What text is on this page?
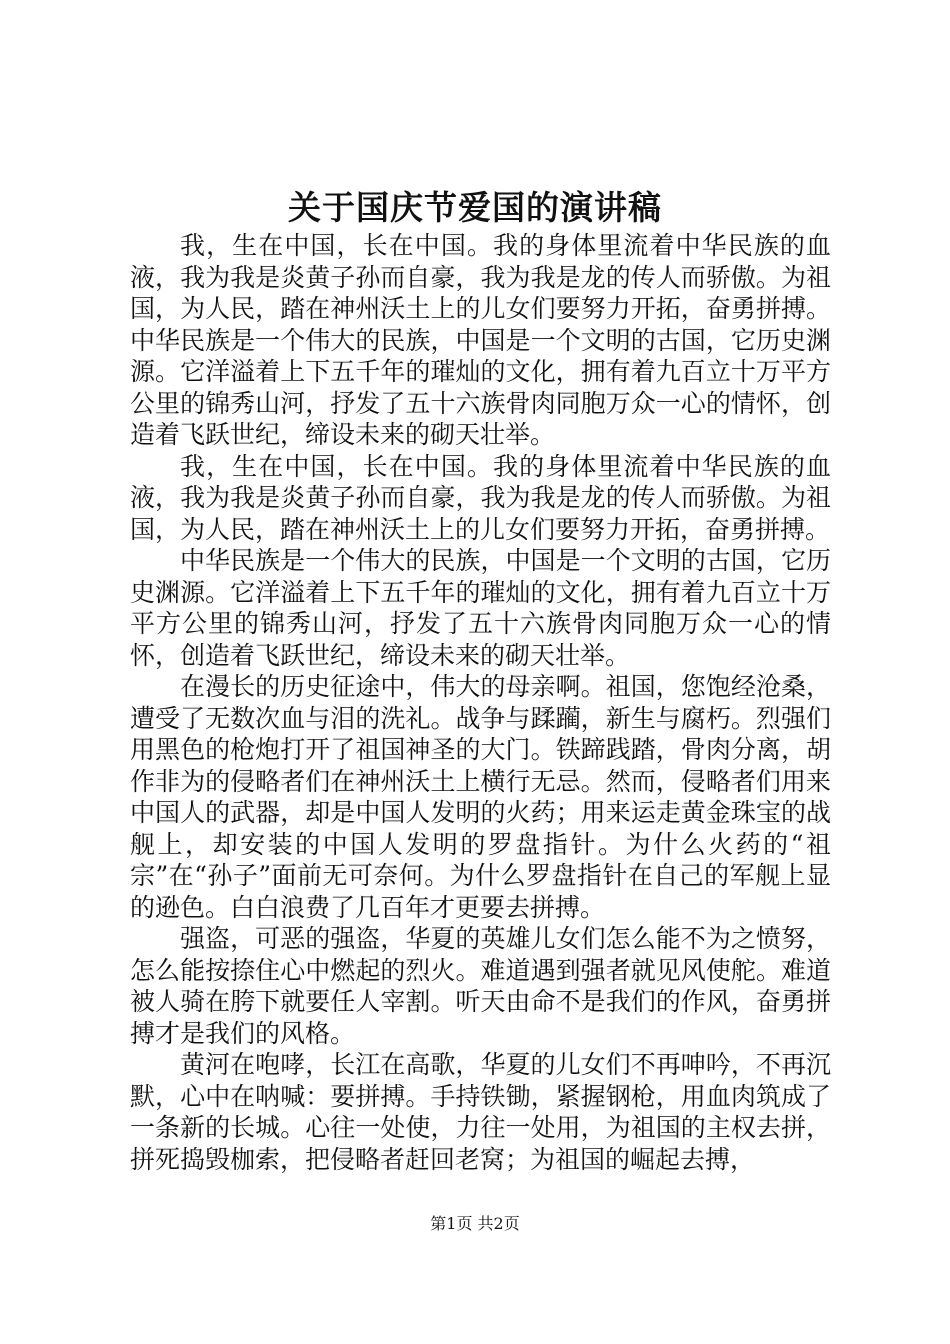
关于国庆节爱国的演讲稿

我，生在中国，长在中国。我的身体里流着中华民族的血液，我为我是炎黄子孙而自豪，我为我是龙的传人而骄傲。为祖国，为人民，踏在神州沃土上的儿女们要努力开拓，奋勇拼搏。中华民族是一个伟大的民族，中国是一个文明的古国，它历史渊源。它洋溢着上下五千年的璀灿的文化，拥有着九百立十万平方公里的锦秀山河，抒发了五十六族骨肉同胞万众一心的情怀，创造着飞跃世纪，缔设未来的砌天壮举。

我，生在中国，长在中国。我的身体里流着中华民族的血液，我为我是炎黄子孙而自豪，我为我是龙的传人而骄傲。为祖国，为人民，踏在神州沃土上的儿女们要努力开拓，奋勇拼搏。

中华民族是一个伟大的民族，中国是一个文明的古国，它历史渊源。它洋溢着上下五千年的璀灿的文化，拥有着九百立十万平方公里的锦秀山河，抒发了五十六族骨肉同胞万众一心的情怀，创造着飞跃世纪，缔设未来的砌天壮举。

在漫长的历史征途中，伟大的母亲啊。祖国，您饱经沧桑，遭受了无数次血与泪的洗礼。战争与蹂躏，新生与腐朽。烈强们用黑色的枪炮打开了祖国神圣的大门。铁蹄践踏，骨肉分离，胡作非为的侵略者们在神州沃土上横行无忌。然而，侵略者们用来中国人的武器，却是中国人发明的火药；用来运走黄金珠宝的战舰上，却安装的中国人发明的罗盘指针。为什么火药的“祖宗”在“孙子”面前无可奈何。为什么罗盘指针在自己的军舰上显的逊色。白白浪费了几百年才更要去拼搏。

强盗，可恶的强盗，华夏的英雄儿女们怎么能不为之愤努，怎么能按捺住心中燃起的烈火。难道遇到强者就见风使舵。难道被人骑在胯下就要任人宰割。听天由命不是我们的作风，奋勇拼搏才是我们的风格。

黄河在咆哮，长江在高歌，华夏的儿女们不再呻吟，不再沉默，心中在呐喊：要拼搏。手持铁锄，紧握钢枪，用血肉筑成了一条新的长城。心往一处使，力往一处用，为祖国的主权去拼，拼死捣毁枷索，把侵略者赶回老窝；为祖国的崛起去搏，

第1页 共2页
